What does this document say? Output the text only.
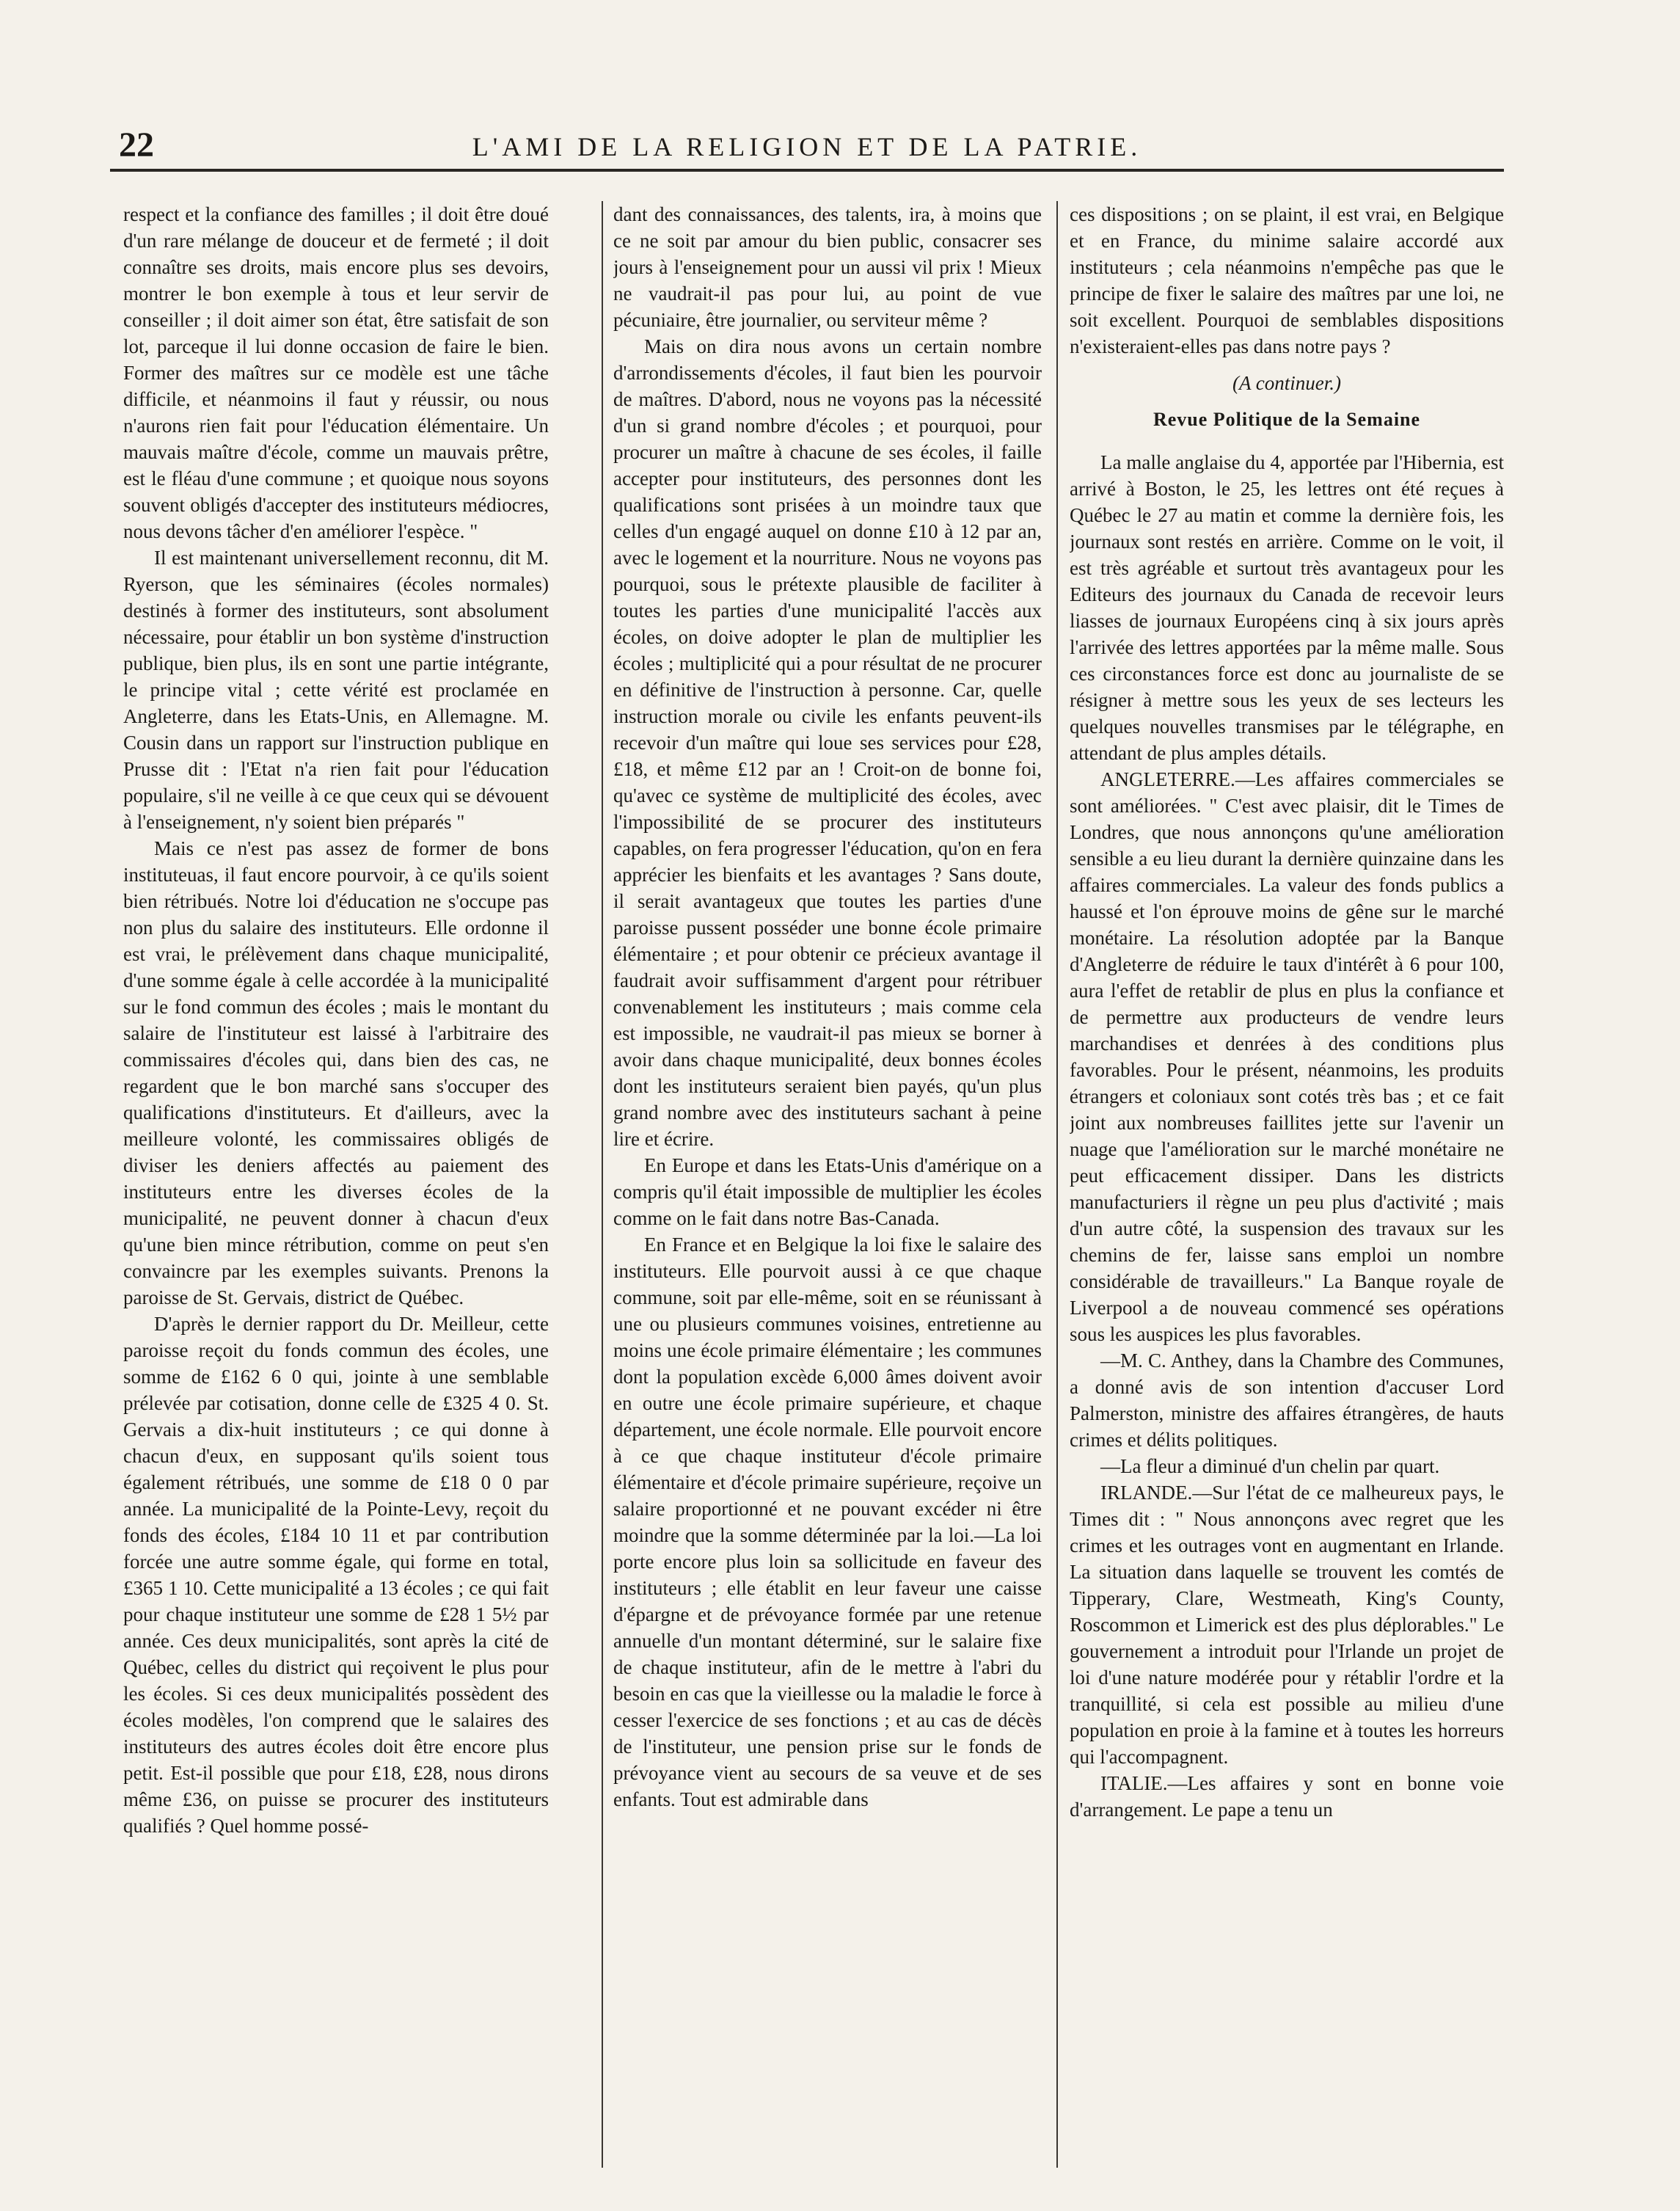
22	L'AMI DE LA RELIGION ET DE LA PATRIE.

respect et la confiance des familles ; il doit être doué d'un rare mélange de douceur et de fermeté ; il doit connaître ses droits, mais encore plus ses devoirs, montrer le bon exemple à tous et leur servir de conseiller ; il doit aimer son état, être satisfait de son lot, parceque il lui donne occasion de faire le bien. Former des maîtres sur ce modèle est une tâche difficile, et néanmoins il faut y réussir, ou nous n'aurons rien fait pour l'éducation élémentaire. Un mauvais maître d'école, comme un mauvais prêtre, est le fléau d'une commune ; et quoique nous soyons souvent obligés d'accepter des instituteurs médiocres, nous devons tâcher d'en améliorer l'espèce. "

Il est maintenant universellement reconnu, dit M. Ryerson, que les séminaires (écoles normales) destinés à former des instituteurs, sont absolument nécessaire, pour établir un bon système d'instruction publique, bien plus, ils en sont une partie intégrante, le principe vital ; cette vérité est proclamée en Angleterre, dans les Etats-Unis, en Allemagne. M. Cousin dans un rapport sur l'instruction publique en Prusse dit : l'Etat n'a rien fait pour l'éducation populaire, s'il ne veille à ce que ceux qui se dévouent à l'enseignement, n'y soient bien préparés "

Mais ce n'est pas assez de former de bons instituteuas, il faut encore pourvoir, à ce qu'ils soient bien rétribués. Notre loi d'éducation ne s'occupe pas non plus du salaire des instituteurs. Elle ordonne il est vrai, le prélèvement dans chaque municipalité, d'une somme égale à celle accordée à la municipalité sur le fond commun des écoles ; mais le montant du salaire de l'instituteur est laissé à l'arbitraire des commissaires d'écoles qui, dans bien des cas, ne regardent que le bon marché sans s'occuper des qualifications d'instituteurs. Et d'ailleurs, avec la meilleure volonté, les commissaires obligés de diviser les deniers affectés au paiement des instituteurs entre les diverses écoles de la municipalité, ne peuvent donner à chacun d'eux qu'une bien mince rétribution, comme on peut s'en convaincre par les exemples suivants. Prenons la paroisse de St. Gervais, district de Québec.

D'après le dernier rapport du Dr. Meilleur, cette paroisse reçoit du fonds commun des écoles, une somme de £162 6 0 qui, jointe à une semblable prélevée par cotisation, donne celle de £325 4 0. St. Gervais a dix-huit instituteurs ; ce qui donne à chacun d'eux, en supposant qu'ils soient tous également rétribués, une somme de £18 0 0 par année. La municipalité de la Pointe-Levy, reçoit du fonds des écoles, £184 10 11 et par contribution forcée une autre somme égale, qui forme en total, £365 1 10. Cette municipalité a 13 écoles ; ce qui fait pour chaque instituteur une somme de £28 1 5½ par année. Ces deux municipalités, sont après la cité de Québec, celles du district qui reçoivent le plus pour les écoles. Si ces deux municipalités possèdent des écoles modèles, l'on comprend que le salaires des instituteurs des autres écoles doit être encore plus petit. Est-il possible que pour £18, £28, nous dirons même £36, on puisse se procurer des instituteurs qualifiés ? Quel homme possé-

dant des connaissances, des talents, ira, à moins que ce ne soit par amour du bien public, consacrer ses jours à l'enseignement pour un aussi vil prix ! Mieux ne vaudrait-il pas pour lui, au point de vue pécuniaire, être journalier, ou serviteur même ?

Mais on dira nous avons un certain nombre d'arrondissements d'écoles, il faut bien les pourvoir de maîtres. D'abord, nous ne voyons pas la nécessité d'un si grand nombre d'écoles ; et pourquoi, pour procurer un maître à chacune de ses écoles, il faille accepter pour instituteurs, des personnes dont les qualifications sont prisées à un moindre taux que celles d'un engagé auquel on donne £10 à 12 par an, avec le logement et la nourriture. Nous ne voyons pas pourquoi, sous le prétexte plausible de faciliter à toutes les parties d'une municipalité l'accès aux écoles, on doive adopter le plan de multiplier les écoles ; multiplicité qui a pour résultat de ne procurer en définitive de l'instruction à personne. Car, quelle instruction morale ou civile les enfants peuvent-ils recevoir d'un maître qui loue ses services pour £28, £18, et même £12 par an ! Croit-on de bonne foi, qu'avec ce système de multiplicité des écoles, avec l'impossibilité de se procurer des instituteurs capables, on fera progresser l'éducation, qu'on en fera apprécier les bienfaits et les avantages ? Sans doute, il serait avantageux que toutes les parties d'une paroisse pussent posséder une bonne école primaire élémentaire ; et pour obtenir ce précieux avantage il faudrait avoir suffisamment d'argent pour rétribuer convenablement les instituteurs ; mais comme cela est impossible, ne vaudrait-il pas mieux se borner à avoir dans chaque municipalité, deux bonnes écoles dont les instituteurs seraient bien payés, qu'un plus grand nombre avec des instituteurs sachant à peine lire et écrire.

En Europe et dans les Etats-Unis d'amérique on a compris qu'il était impossible de multiplier les écoles comme on le fait dans notre Bas-Canada.

En France et en Belgique la loi fixe le salaire des instituteurs. Elle pourvoit aussi à ce que chaque commune, soit par elle-même, soit en se réunissant à une ou plusieurs communes voisines, entretienne au moins une école primaire élémentaire ; les communes dont la population excède 6,000 âmes doivent avoir en outre une école primaire supérieure, et chaque département, une école normale. Elle pourvoit encore à ce que chaque instituteur d'école primaire élémentaire et d'école primaire supérieure, reçoive un salaire proportionné et ne pouvant excéder ni être moindre que la somme déterminée par la loi.—La loi porte encore plus loin sa sollicitude en faveur des instituteurs ; elle établit en leur faveur une caisse d'épargne et de prévoyance formée par une retenue annuelle d'un montant déterminé, sur le salaire fixe de chaque instituteur, afin de le mettre à l'abri du besoin en cas que la vieillesse ou la maladie le force à cesser l'exercice de ses fonctions ; et au cas de décès de l'instituteur, une pension prise sur le fonds de prévoyance vient au secours de sa veuve et de ses enfants. Tout est admirable dans

ces dispositions ; on se plaint, il est vrai, en Belgique et en France, du minime salaire accordé aux instituteurs ; cela néanmoins n'empêche pas que le principe de fixer le salaire des maîtres par une loi, ne soit excellent. Pourquoi de semblables dispositions n'existeraient-elles pas dans notre pays ?

(A continuer.)

Revue Politique de la Semaine

La malle anglaise du 4, apportée par l'Hibernia, est arrivé à Boston, le 25, les lettres ont été reçues à Québec le 27 au matin et comme la dernière fois, les journaux sont restés en arrière. Comme on le voit, il est très agréable et surtout très avantageux pour les Editeurs des journaux du Canada de recevoir leurs liasses de journaux Européens cinq à six jours après l'arrivée des lettres apportées par la même malle. Sous ces circonstances force est donc au journaliste de se résigner à mettre sous les yeux de ses lecteurs les quelques nouvelles transmises par le télégraphe, en attendant de plus amples détails.

ANGLETERRE.—Les affaires commerciales se sont améliorées. " C'est avec plaisir, dit le Times de Londres, que nous annonçons qu'une amélioration sensible a eu lieu durant la dernière quinzaine dans les affaires commerciales. La valeur des fonds publics a haussé et l'on éprouve moins de gêne sur le marché monétaire. La résolution adoptée par la Banque d'Angleterre de réduire le taux d'intérêt à 6 pour 100, aura l'effet de retablir de plus en plus la confiance et de permettre aux producteurs de vendre leurs marchandises et denrées à des conditions plus favorables. Pour le présent, néanmoins, les produits étrangers et coloniaux sont cotés très bas ; et ce fait joint aux nombreuses faillites jette sur l'avenir un nuage que l'amélioration sur le marché monétaire ne peut efficacement dissiper. Dans les districts manufacturiers il règne un peu plus d'activité ; mais d'un autre côté, la suspension des travaux sur les chemins de fer, laisse sans emploi un nombre considérable de travailleurs." La Banque royale de Liverpool a de nouveau commencé ses opérations sous les auspices les plus favorables.

—M. C. Anthey, dans la Chambre des Communes, a donné avis de son intention d'accuser Lord Palmerston, ministre des affaires étrangères, de hauts crimes et délits politiques.

—La fleur a diminué d'un chelin par quart.

IRLANDE.—Sur l'état de ce malheureux pays, le Times dit : " Nous annonçons avec regret que les crimes et les outrages vont en augmentant en Irlande. La situation dans laquelle se trouvent les comtés de Tipperary, Clare, Westmeath, King's County, Roscommon et Limerick est des plus déplorables." Le gouvernement a introduit pour l'Irlande un projet de loi d'une nature modérée pour y rétablir l'ordre et la tranquillité, si cela est possible au milieu d'une population en proie à la famine et à toutes les horreurs qui l'accompagnent.

ITALIE.—Les affaires y sont en bonne voie d'arrangement. Le pape a tenu un
